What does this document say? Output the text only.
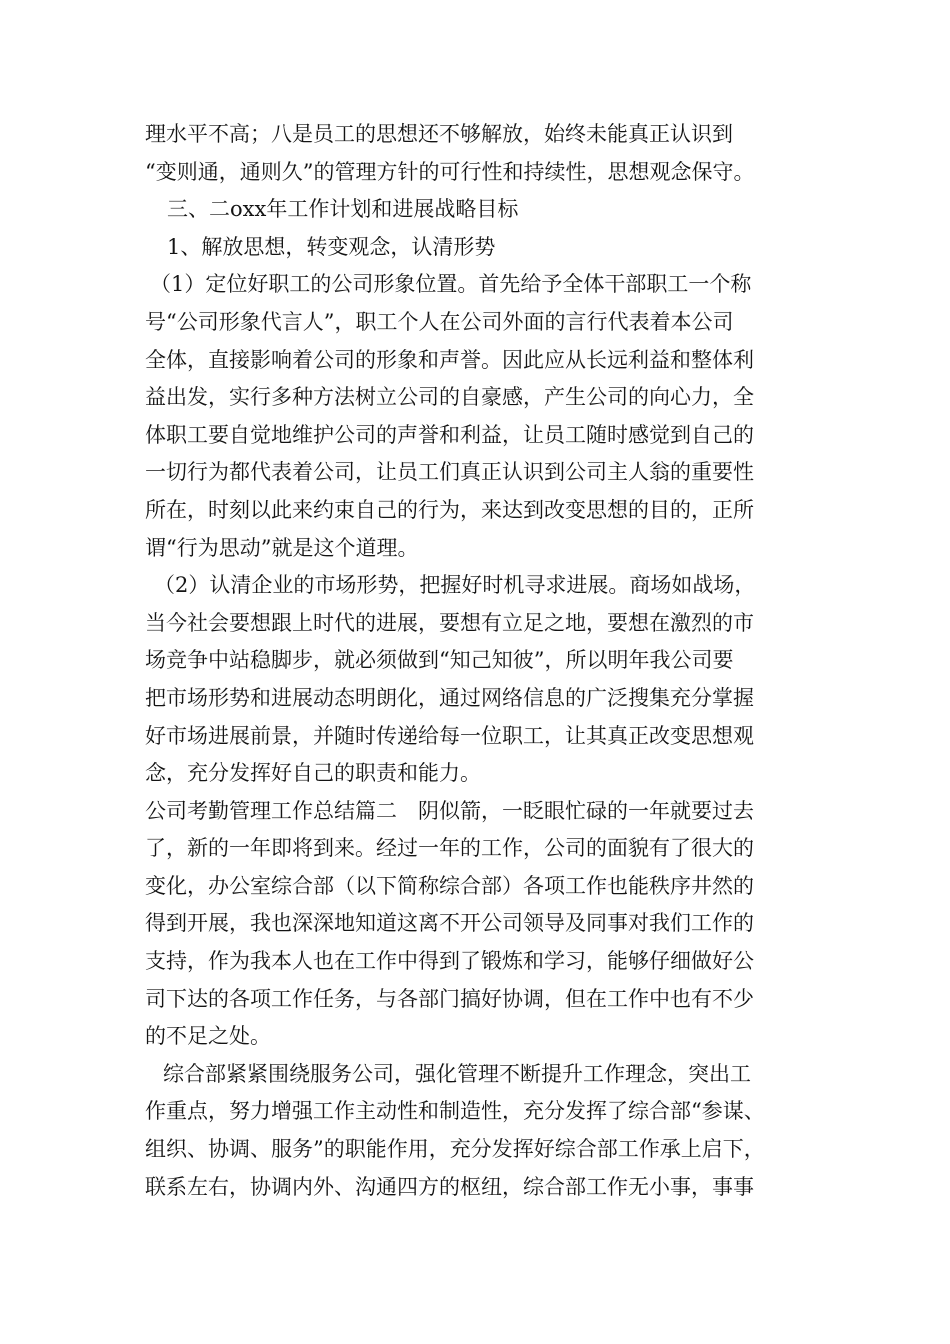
理水平不高；八是员工的思想还不够解放，始终未能真正认识到
“变则通，通则久”的管理方针的可行性和持续性，思想观念保守。
三、二oxx年工作计划和进展战略目标
1、解放思想，转变观念，认清形势
（1）定位好职工的公司形象位置。首先给予全体干部职工一个称
号“公司形象代言人”，职工个人在公司外面的言行代表着本公司
全体，直接影响着公司的形象和声誉。因此应从长远利益和整体利
益出发，实行多种方法树立公司的自豪感，产生公司的向心力，全
体职工要自觉地维护公司的声誉和利益，让员工随时感觉到自己的
一切行为都代表着公司，让员工们真正认识到公司主人翁的重要性
所在，时刻以此来约束自己的行为，来达到改变思想的目的，正所
谓“行为思动”就是这个道理。
（2）认清企业的市场形势，把握好时机寻求进展。商场如战场，
当今社会要想跟上时代的进展，要想有立足之地，要想在激烈的市
场竞争中站稳脚步，就必须做到“知己知彼”，所以明年我公司要
把市场形势和进展动态明朗化，通过网络信息的广泛搜集充分掌握
好市场进展前景，并随时传递给每一位职工，让其真正改变思想观
念，充分发挥好自己的职责和能力。
公司考勤管理工作总结篇二　阴似箭，一眨眼忙碌的一年就要过去
了，新的一年即将到来。经过一年的工作，公司的面貌有了很大的
变化，办公室综合部（以下简称综合部）各项工作也能秩序井然的
得到开展，我也深深地知道这离不开公司领导及同事对我们工作的
支持，作为我本人也在工作中得到了锻炼和学习，能够仔细做好公
司下达的各项工作任务，与各部门搞好协调，但在工作中也有不少
的不足之处。
综合部紧紧围绕服务公司，强化管理不断提升工作理念，突出工
作重点，努力增强工作主动性和制造性，充分发挥了综合部“参谋、
组织、协调、服务”的职能作用，充分发挥好综合部工作承上启下，
联系左右，协调内外、沟通四方的枢纽，综合部工作无小事，事事
